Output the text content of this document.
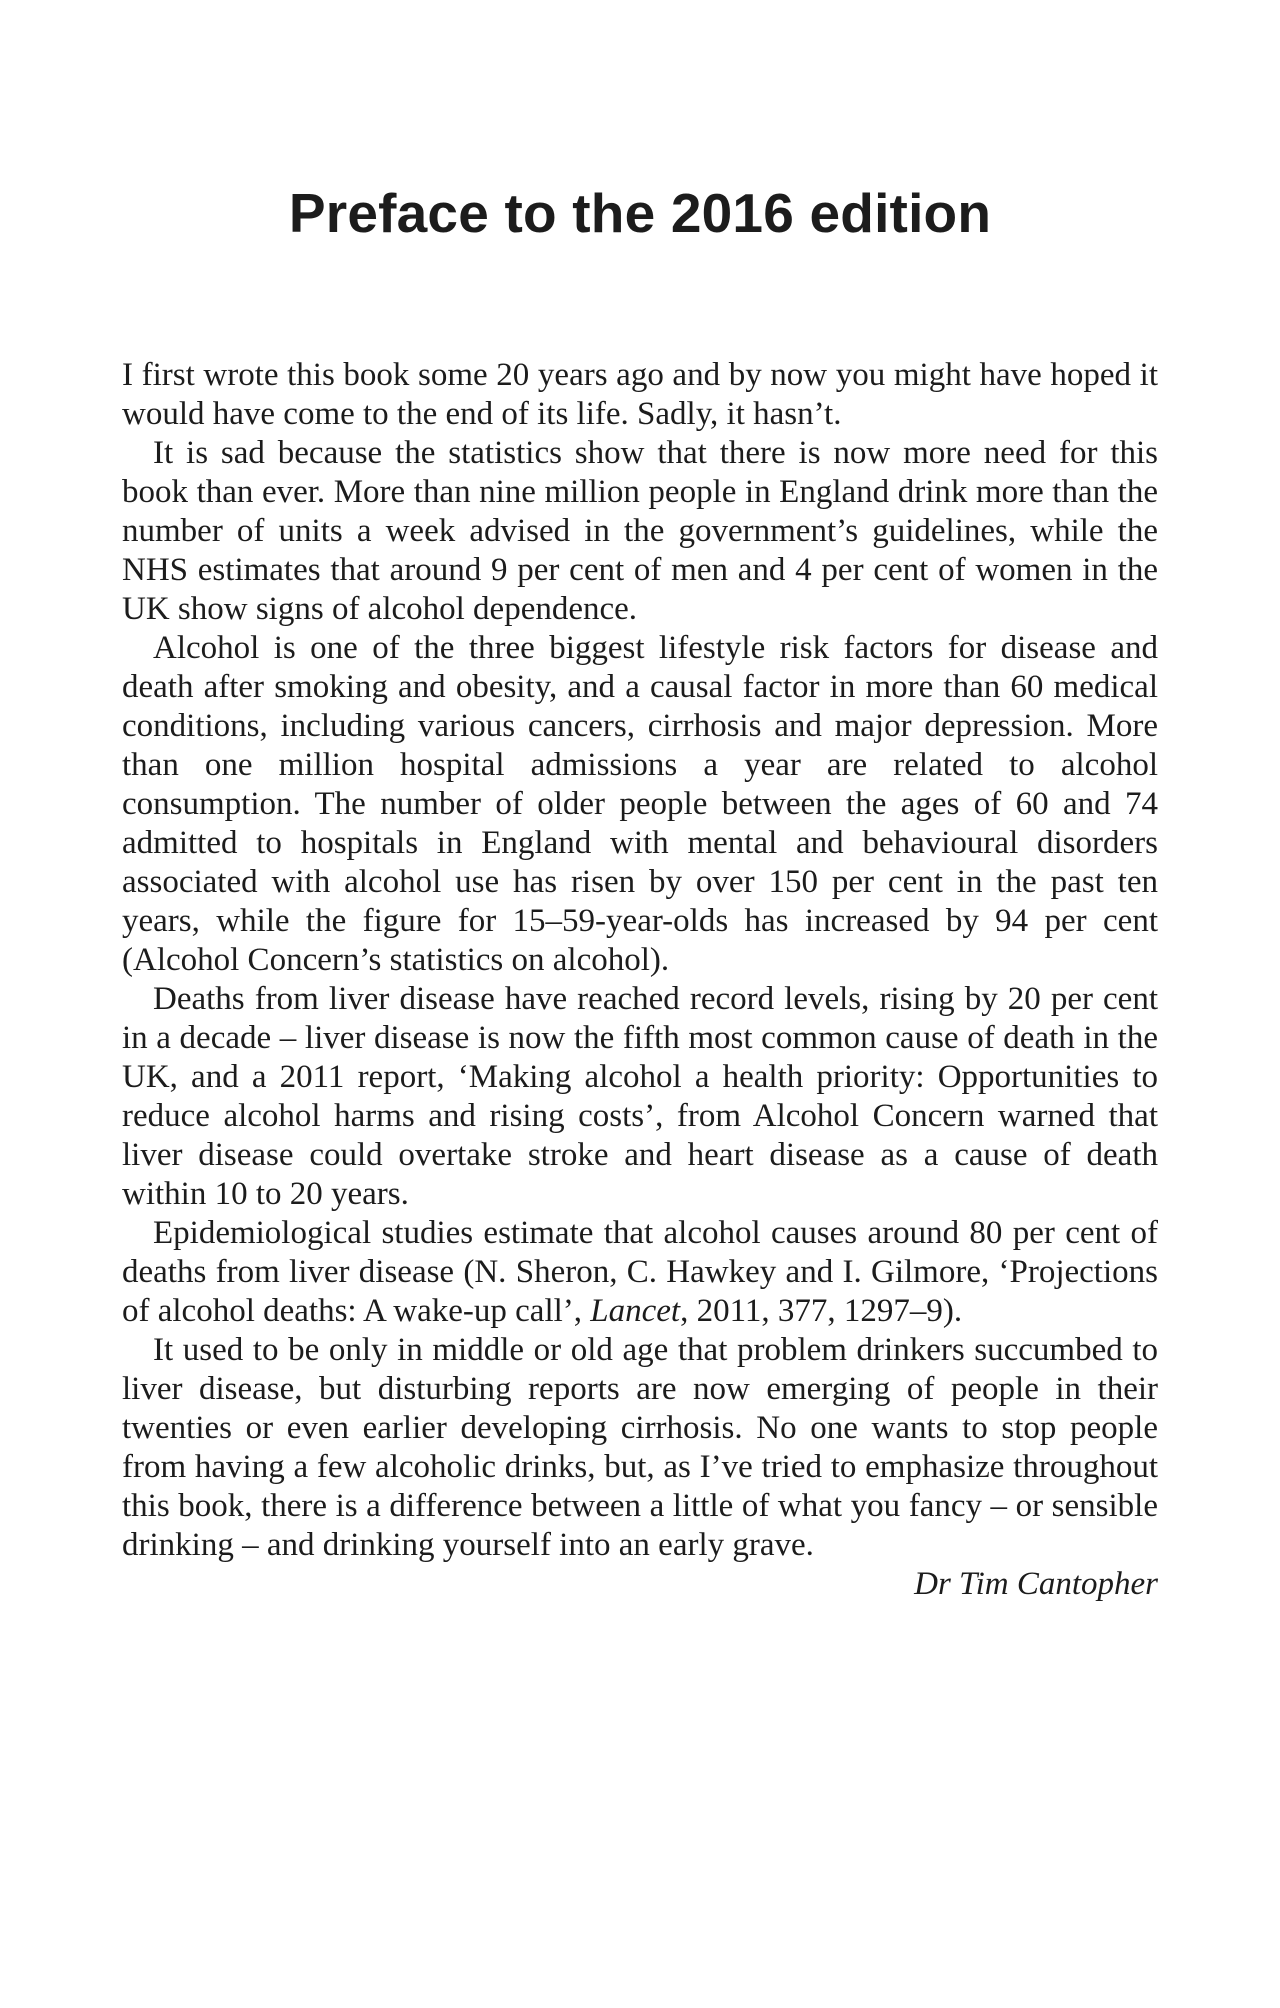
Preface to the 2016 edition

I first wrote this book some 20 years ago and by now you might have hoped it would have come to the end of its life. Sadly, it hasn’t.

It is sad because the statistics show that there is now more need for this book than ever. More than nine million people in England drink more than the number of units a week advised in the government’s guidelines, while the NHS estimates that around 9 per cent of men and 4 per cent of women in the UK show signs of alcohol dependence.

Alcohol is one of the three biggest lifestyle risk factors for disease and death after smoking and obesity, and a causal factor in more than 60 medical conditions, including various cancers, cirrhosis and major depression. More than one million hospital admissions a year are related to alcohol consumption. The number of older people between the ages of 60 and 74 admitted to hospitals in England with mental and behavioural disorders associated with alcohol use has risen by over 150 per cent in the past ten years, while the figure for 15–59-year-olds has increased by 94 per cent (Alcohol Concern’s statistics on alcohol).

Deaths from liver disease have reached record levels, rising by 20 per cent in a decade – liver disease is now the fifth most common cause of death in the UK, and a 2011 report, ‘Making alcohol a health priority: Opportunities to reduce alcohol harms and rising costs’, from Alcohol Concern warned that liver disease could overtake stroke and heart disease as a cause of death within 10 to 20 years.

Epidemiological studies estimate that alcohol causes around 80 per cent of deaths from liver disease (N. Sheron, C. Hawkey and I. Gilmore, ‘Projections of alcohol deaths: A wake-up call’, Lancet, 2011, 377, 1297–9).

It used to be only in middle or old age that problem drinkers succumbed to liver disease, but disturbing reports are now emerging of people in their twenties or even earlier developing cirrhosis. No one wants to stop people from having a few alcoholic drinks, but, as I’ve tried to emphasize throughout this book, there is a difference between a little of what you fancy – or sensible drinking – and drinking yourself into an early grave.

Dr Tim Cantopher
